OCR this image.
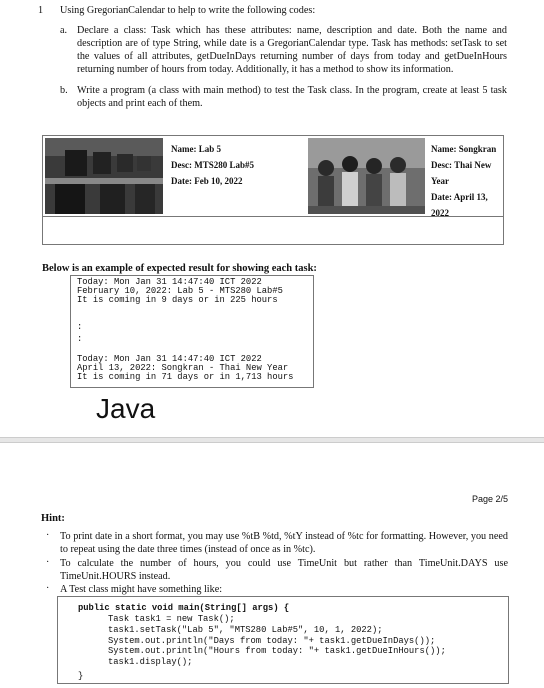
1 Using GregorianCalendar to help to write the following codes:
a. Declare a class: Task which has these attributes: name, description and date. Both the name and description are of type String, while date is a GregorianCalendar type. Task has methods: setTask to set the values of all attributes, getDueInDays returning number of days from today and getDueInHours returning number of hours from today. Additionally, it has a method to show its information.
b. Write a program (a class with main method) to test the Task class. In the program, create at least 5 task objects and print each of them.
Name: Lab 5
Desc: MTS280 Lab#5
Date: Feb 10, 2022
Name: Songkran
Desc: Thai New Year
Date: April 13, 2022
Below is an example of expected result for showing each task:
Today: Mon Jan 31 14:47:40 ICT 2022
February 10, 2022: Lab 5 - MTS280 Lab#5
It is coming in 9 days or in 225 hours
:
:
Today: Mon Jan 31 14:47:40 ICT 2022
April 13, 2022: Songkran - Thai New Year
It is coming in 71 days or in 1,713 hours
Java
Page 2/5
Hint:
· To print date in a short format, you may use %tB %td, %tY instead of %tc for formatting. However, you need to repeat using the date three times (instead of once as in %tc).
· To calculate the number of hours, you could use TimeUnit but rather than TimeUnit.DAYS use TimeUnit.HOURS instead.
· A Test class might have something like:
public static void main(String[] args) {
Task task1 = new Task();
task1.setTask("Lab 5", "MTS280 Lab#5", 10, 1, 2022);
System.out.println("Days from today: "+ task1.getDueInDays());
System.out.println("Hours from today: "+ task1.getDueInHours());
task1.display();
}
